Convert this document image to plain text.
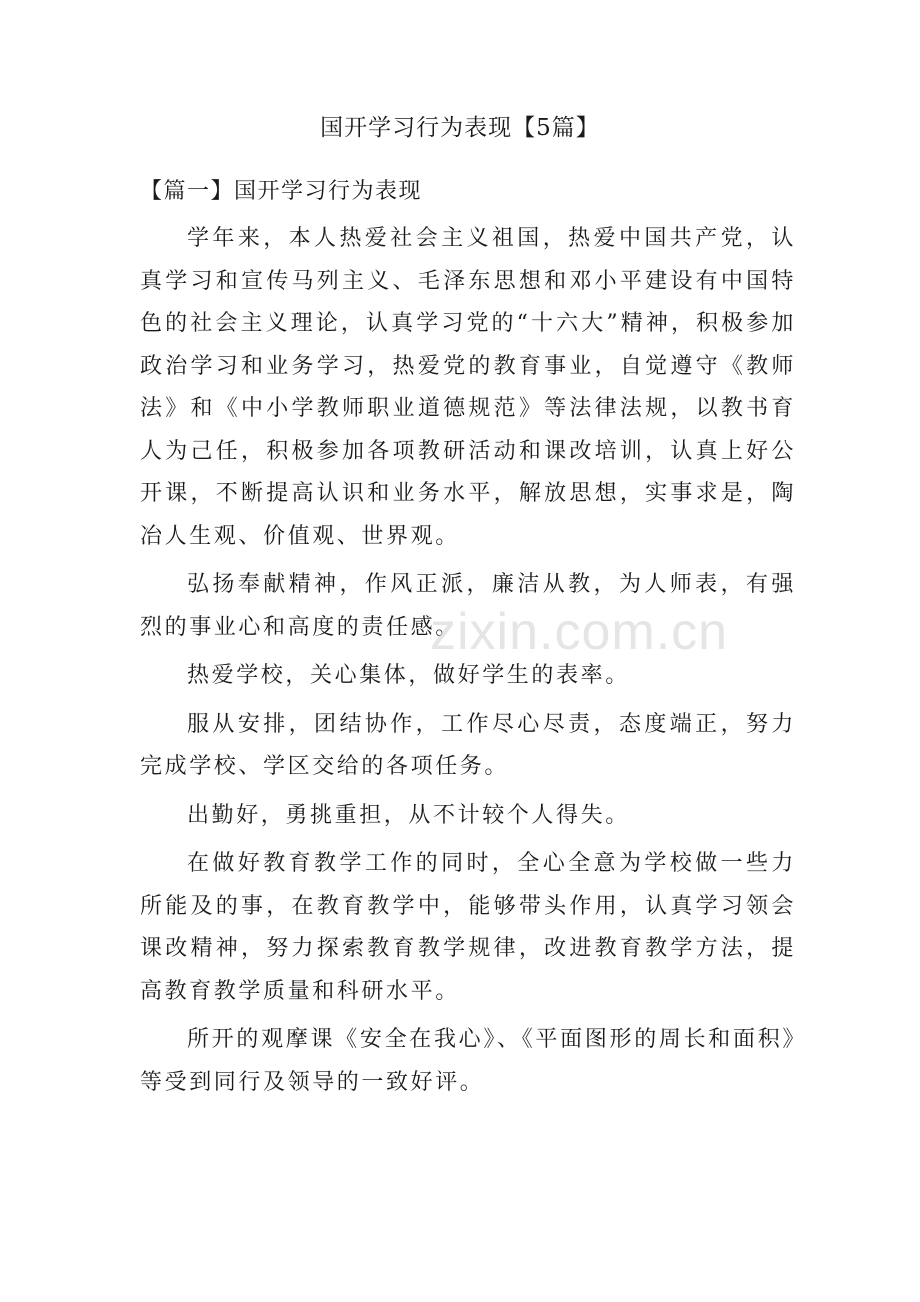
国开学习行为表现【5篇】
【篇一】国开学习行为表现

学年来，本人热爱社会主义祖国，热爱中国共产党，认真学习和宣传马列主义、毛泽东思想和邓小平建设有中国特色的社会主义理论，认真学习党的“十六大”精神，积极参加政治学习和业务学习，热爱党的教育事业，自觉遵守《教师法》和《中小学教师职业道德规范》等法律法规，以教书育人为己任，积极参加各项教研活动和课改培训，认真上好公开课，不断提高认识和业务水平，解放思想，实事求是，陶冶人生观、价值观、世界观。

弘扬奉献精神，作风正派，廉洁从教，为人师表，有强烈的事业心和高度的责任感。

热爱学校，关心集体，做好学生的表率。

服从安排，团结协作，工作尽心尽责，态度端正，努力完成学校、学区交给的各项任务。

出勤好，勇挑重担，从不计较个人得失。

在做好教育教学工作的同时，全心全意为学校做一些力所能及的事，在教育教学中，能够带头作用，认真学习领会课改精神，努力探索教育教学规律，改进教育教学方法，提高教育教学质量和科研水平。

所开的观摩课《安全在我心》、《平面图形的周长和面积》等受到同行及领导的一致好评。

zixin.com.cn
